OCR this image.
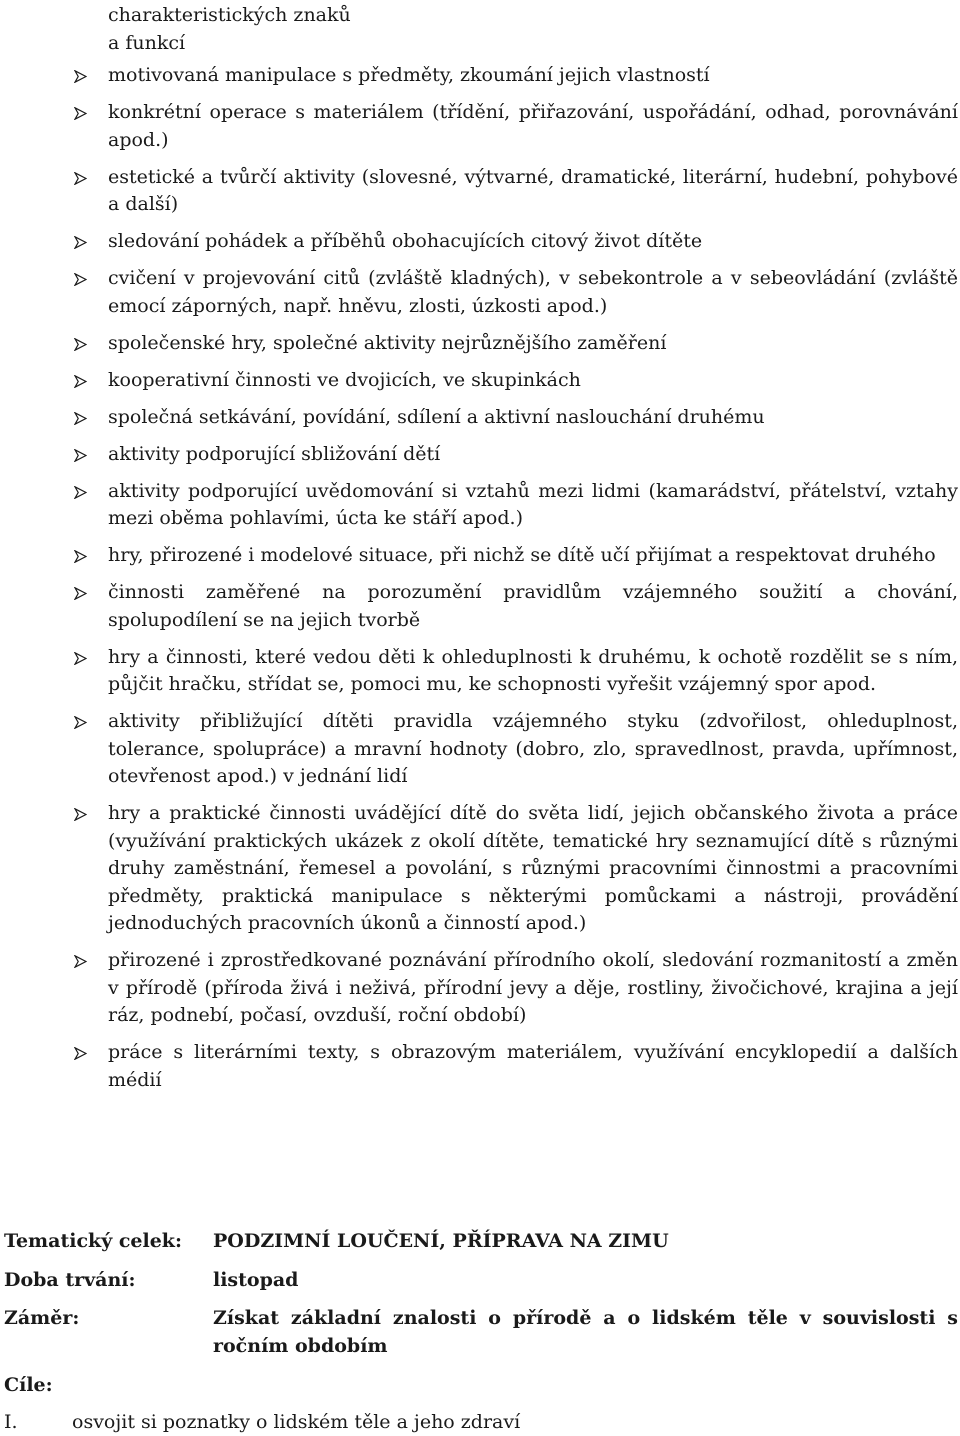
charakteristických znaků
a funkcí
motivovaná manipulace s předměty, zkoumání jejich vlastností
konkrétní operace s materiálem (třídění, přiřazování, uspořádání, odhad, porovnávání apod.)
estetické a tvůrčí aktivity (slovesné, výtvarné, dramatické, literární, hudební, pohybové a další)
sledování pohádek a příběhů obohacujících citový život dítěte
cvičení v projevování citů (zvláště kladných), v sebekontrole a v sebeovládání (zvláště emocí záporných, např. hněvu, zlosti, úzkosti apod.)
společenské hry, společné aktivity nejrůznějšího zaměření
kooperativní činnosti ve dvojicích, ve skupinkách
společná setkávání, povídání, sdílení a aktivní naslouchání druhému
aktivity podporující sbližování dětí
aktivity podporující uvědomování si vztahů mezi lidmi (kamarádství, přátelství, vztahy mezi oběma pohlavími, úcta ke stáří apod.)
hry, přirozené i modelové situace, při nichž se dítě učí přijímat a respektovat druhého
činnosti zaměřené na porozumění pravidlům vzájemného soužití a chování, spolupodílení se na jejich tvorbě
hry a činnosti, které vedou děti k ohleduplnosti k druhému, k ochotě rozdělit se s ním, půjčit hračku, střídat se, pomoci mu, ke schopnosti vyřešit vzájemný spor apod.
aktivity přibližující dítěti pravidla vzájemného styku (zdvořilost, ohleduplnost, tolerance, spolupráce) a mravní hodnoty (dobro, zlo, spravedlnost, pravda, upřímnost, otevřenost apod.) v jednání lidí
hry a praktické činnosti uvádějící dítě do světa lidí, jejich občanského života a práce (využívání praktických ukázek z okolí dítěte, tematické hry seznamující dítě s různými druhy zaměstnání, řemesel a povolání, s různými pracovními činnostmi a pracovními předměty, praktická manipulace s některými pomůckami a nástroji, provádění jednoduchých pracovních úkonů a činností apod.)
přirozené i zprostředkované poznávání přírodního okolí, sledování rozmanitostí a změn v přírodě (příroda živá i neživá, přírodní jevy a děje, rostliny, živočichové, krajina a její ráz, podnebí, počasí, ovzduší, roční období)
práce s literárními texty, s obrazovým materiálem, využívání encyklopedií a dalších médií
Tematický celek: PODZIMNÍ LOUČENÍ, PŘÍPRAVA NA ZIMU
Doba trvání:	listopad
Záměr:	Získat základní znalosti o přírodě a o lidském těle v souvislosti s ročním obdobím
Cíle:
I.	osvojit si poznatky o lidském těle a jeho zdraví
